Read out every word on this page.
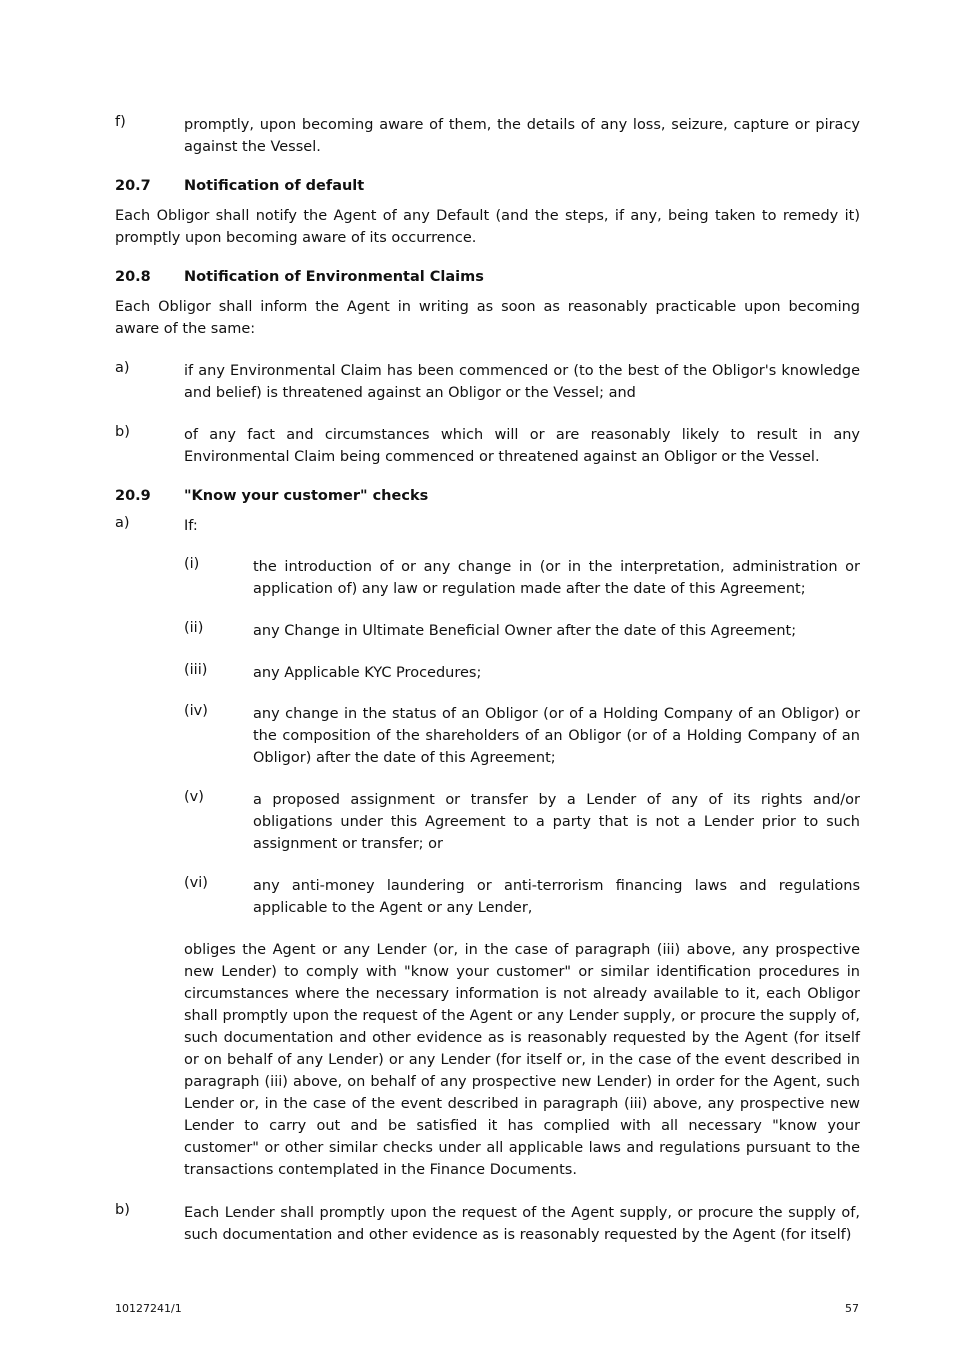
f)	promptly, upon becoming aware of them, the details of any loss, seizure, capture or piracy against the Vessel.
20.7 Notification of default
Each Obligor shall notify the Agent of any Default (and the steps, if any, being taken to remedy it) promptly upon becoming aware of its occurrence.
20.8 Notification of Environmental Claims
Each Obligor shall inform the Agent in writing as soon as reasonably practicable upon becoming aware of the same:
a)	if any Environmental Claim has been commenced or (to the best of the Obligor's knowledge and belief) is threatened against an Obligor or the Vessel; and
b)	of any fact and circumstances which will or are reasonably likely to result in any Environmental Claim being commenced or threatened against an Obligor or the Vessel.
20.9 "Know your customer" checks
a)	If:
(i)	the introduction of or any change in (or in the interpretation, administration or application of) any law or regulation made after the date of this Agreement;
(ii)	any Change in Ultimate Beneficial Owner after the date of this Agreement;
(iii)	any Applicable KYC Procedures;
(iv)	any change in the status of an Obligor (or of a Holding Company of an Obligor) or the composition of the shareholders of an Obligor (or of a Holding Company of an Obligor) after the date of this Agreement;
(v)	a proposed assignment or transfer by a Lender of any of its rights and/or obligations under this Agreement to a party that is not a Lender prior to such assignment or transfer; or
(vi)	any anti-money laundering or anti-terrorism financing laws and regulations applicable to the Agent or any Lender,
obliges the Agent or any Lender (or, in the case of paragraph (iii) above, any prospective new Lender) to comply with "know your customer" or similar identification procedures in circumstances where the necessary information is not already available to it, each Obligor shall promptly upon the request of the Agent or any Lender supply, or procure the supply of, such documentation and other evidence as is reasonably requested by the Agent (for itself or on behalf of any Lender) or any Lender (for itself or, in the case of the event described in paragraph (iii) above, on behalf of any prospective new Lender) in order for the Agent, such Lender or, in the case of the event described in paragraph (iii) above, any prospective new Lender to carry out and be satisfied it has complied with all necessary "know your customer" or other similar checks under all applicable laws and regulations pursuant to the transactions contemplated in the Finance Documents.
b)	Each Lender shall promptly upon the request of the Agent supply, or procure the supply of, such documentation and other evidence as is reasonably requested by the Agent (for itself)
10127241/1	57
